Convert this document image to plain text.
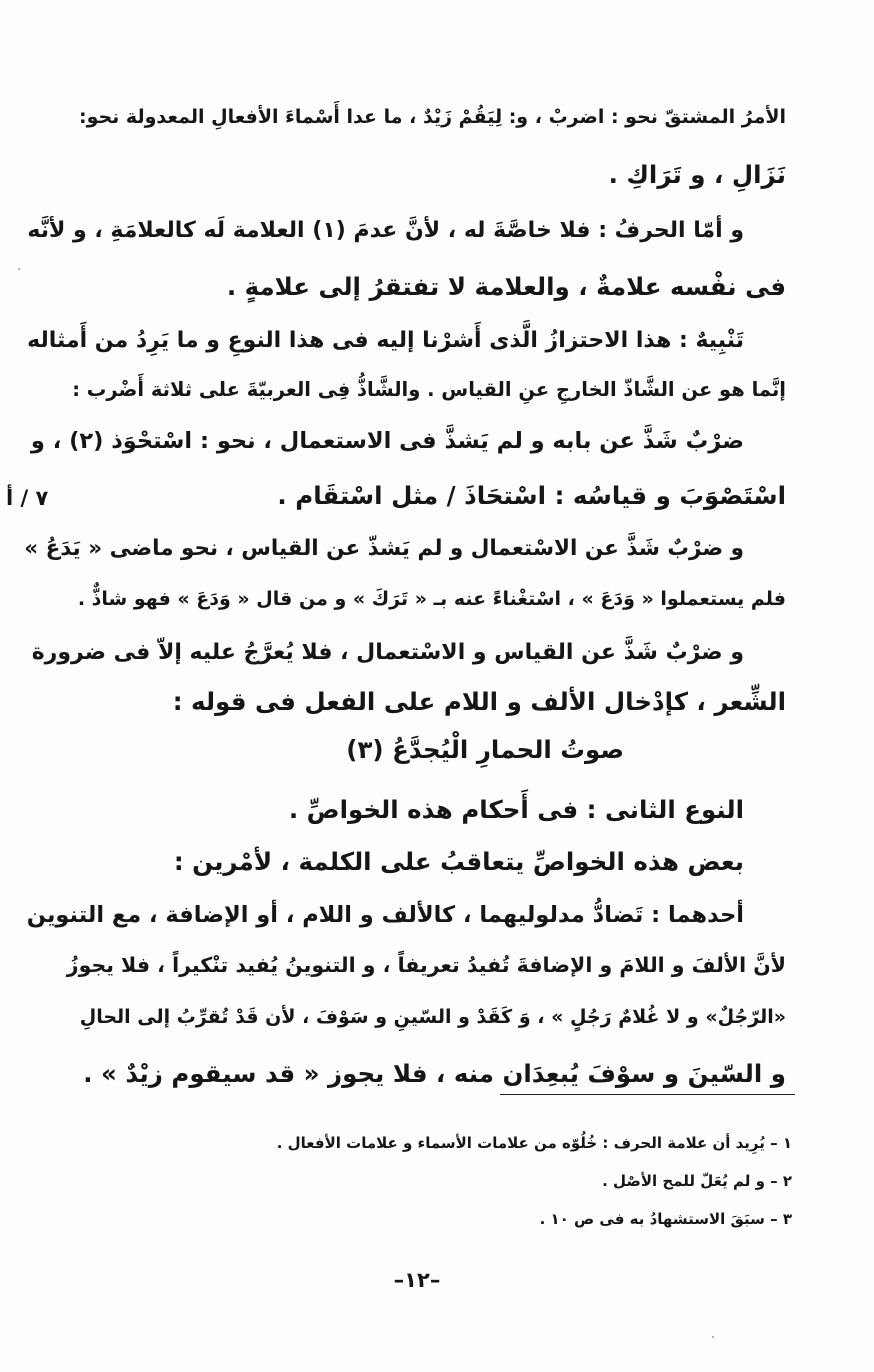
الأمرُ المشتقّ نحو : اضربْ ، و: لِيَقُمْ زَيْدٌ ، ما عدا أَسْماءَ الأفعالِ المعدولة نحو:
نَزَالِ ، و تَرَاكِ .
و أمّا الحرفُ : فلا خاصَّةَ له ، لأنَّ عدمَ (١) العلامة لَه كالعلامَةِ ، و لأنَّه
فى نفْسه علامةٌ ، والعلامة لا تفتقرُ إلى علامةٍ .
تَنْبِيهٌ : هذا الاحتزازُ الَّذى أَشرْنا إليه فى هذا النوعِ و ما يَرِدُ من أَمثاله
إنَّما هو عن الشَّاذّ الخارجِ عنِ القياس . والشَّاذُّ فِى العربيّةَ على ثلاثة أَضْرب :
ضرْبٌ شَذَّ عن بابه و لم يَشذَّ فى الاستعمال ، نحو : اسْتحْوَذ (٢) ، و
اسْتَصْوَبَ و قياسُه : اسْتحَاذَ / مثل اسْتقَام .
و ضرْبٌ شَذَّ عن الاسْتعمال و لم يَشذّ عن القياس ، نحو ماضى « يَدَعُ »
فلم يستعملوا « وَدَعَ » ، اسْتغْناءً عنه بـ « تَرَكَ » و من قال « وَدَعَ » فهو شاذٌّ .
و ضرْبٌ شَذَّ عن القياس و الاسْتعمال ، فلا يُعرَّجُ عليه إلاّ فى ضرورة
الشِّعر ، كإدْخال الألف و اللام على الفعل فى قوله :
صوتُ الحمارِ الْيُجدَّعُ (٣)
النوع الثانى : فى أَحكام هذه الخواصِّ .
بعض هذه الخواصِّ يتعاقبُ على الكلمة ، لأمْرين :
أحدهما : تَضادُّ مدلوليهما ، كالألف و اللام ، أو الإضافة ، مع التنوين
لأنَّ الألفَ و اللامَ و الإضافةَ تُفيدُ تعريفاً ، و التنوينُ يُفيد تنْكيراً ، فلا يجوزُ
«الرّجُلٌ» و لا غُلامٌ رَجُلٍ » ، وَ كَقَدْ و السّينِ و سَوْفَ ، لأن قَدْ تُقرِّبُ إلى الحالِ
و السّينَ و سوْفَ يُبعِدَان منه ، فلا يجوز « قد سيقوم زيْدٌ » .
٧ / أ
١ – يُرِيد أن علامة الحرف : خُلُوّه من علامات الأسماء و علامات الأفعال .
٢ – و لم يُعَلّ للمح الأصْل .
٣ – سبَقَ الاستشهادُ به فى ص ١٠ .
–١٢–
